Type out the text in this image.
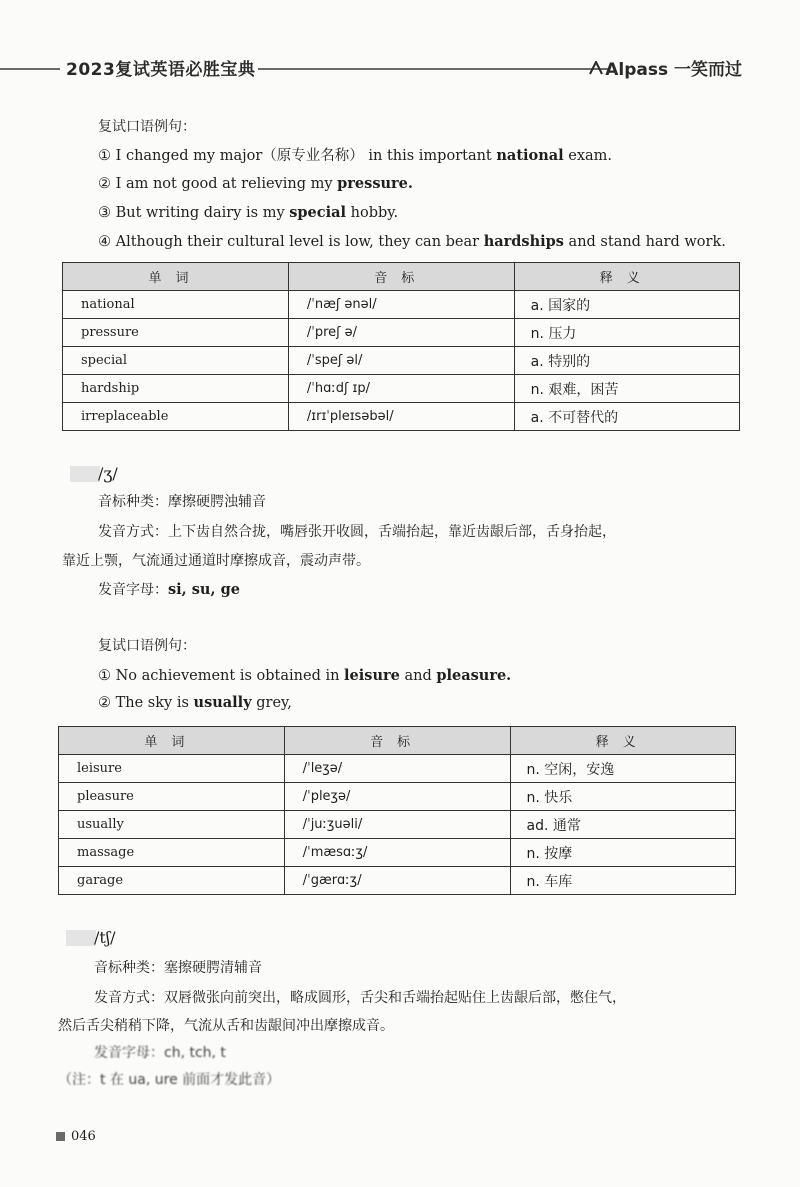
2023复试英语必胜宝典	Alpass 一笑而过
复试口语例句：
① I changed my major（原专业名称） in this important national exam.
② I am not good at relieving my pressure.
③ But writing dairy is my special hobby.
④ Although their cultural level is low, they can bear hardships and stand hard work.
单词	音标	释义
national	/ˈnæʃ ənəl/	a. 国家的
pressure	/ˈpreʃ ə/	n. 压力
special	/ˈspeʃ əl/	a. 特别的
hardship	/ˈhɑːdʃ ɪp/	n. 艰难，困苦
irreplaceable	/ɪrɪˈpleɪsəbəl/	a. 不可替代的
/ʒ/
音标种类：摩擦硬腭浊辅音
发音方式：上下齿自然合拢，嘴唇张开收圆，舌端抬起，靠近齿龈后部，舌身抬起，
靠近上颚，气流通过通道时摩擦成音，震动声带。
发音字母：si, su, ge
复试口语例句：
① No achievement is obtained in leisure and pleasure.
② The sky is usually grey,
单词	音标	释义
leisure	/ˈleʒə/	n. 空闲，安逸
pleasure	/ˈpleʒə/	n. 快乐
usually	/ˈjuːʒuəli/	ad. 通常
massage	/ˈmæsɑːʒ/	n. 按摩
garage	/ˈgærɑːʒ/	n. 车库
/tʃ/
音标种类：塞擦硬腭清辅音
发音方式：双唇微张向前突出，略成圆形，舌尖和舌端抬起贴住上齿龈后部，憋住气，
然后舌尖稍稍下降，气流从舌和齿龈间冲出摩擦成音。
发音字母：ch, tch, t
（注：t 在 ua, ure 前面才发此音）
046
